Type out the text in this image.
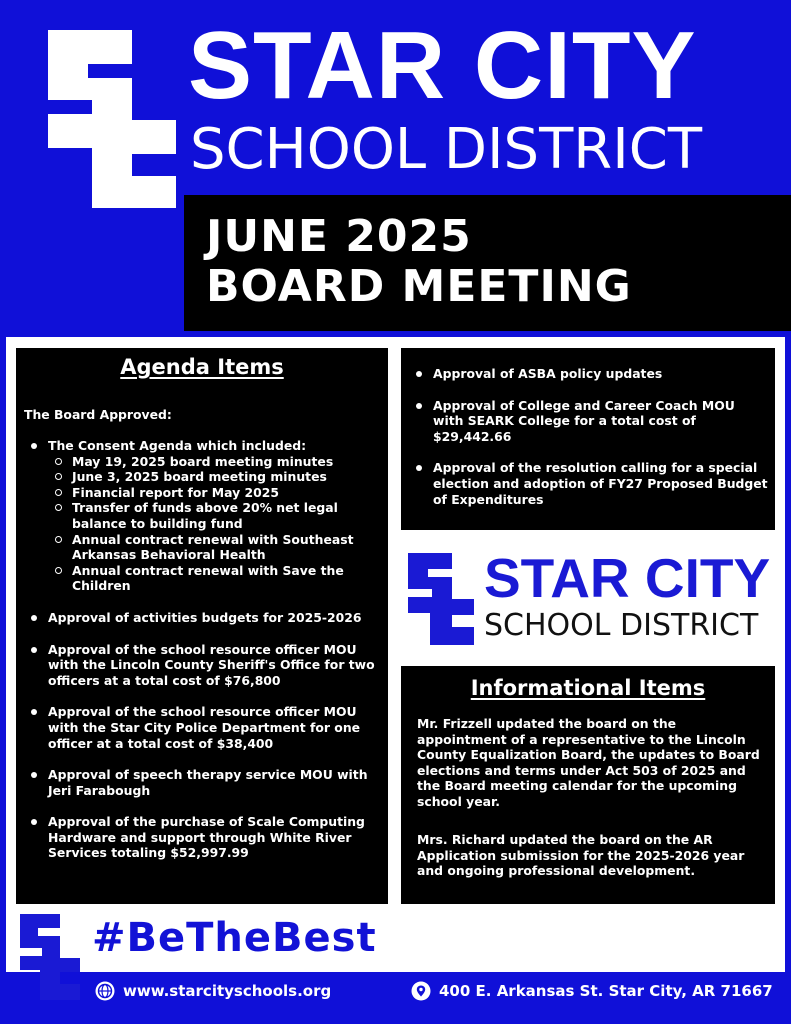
STAR CITY
SCHOOL DISTRICT
JUNE 2025
BOARD MEETING
Agenda Items
The Board Approved:
The Consent Agenda which included:
May 19, 2025 board meeting minutes
June 3, 2025 board meeting minutes
Financial report for May 2025
Transfer of funds above 20% net legal balance to building fund
Annual contract renewal with Southeast Arkansas Behavioral Health
Annual contract renewal with Save the Children
Approval of activities budgets for 2025-2026
Approval of the school resource officer MOU with the Lincoln County Sheriff's Office for two officers at a total cost of $76,800
Approval of the school resource officer MOU with the Star City Police Department for one officer at a total cost of $38,400
Approval of speech therapy service MOU with Jeri Farabough
Approval of the purchase of Scale Computing Hardware and support through White River Services totaling $52,997.99
Approval of ASBA policy updates
Approval of College and Career Coach MOU with SEARK College for a total cost of $29,442.66
Approval of the resolution calling for a special election and adoption of FY27 Proposed Budget of Expenditures
STAR CITY
SCHOOL DISTRICT
Informational Items
Mr. Frizzell updated the board on the appointment of a representative to the Lincoln County Equalization Board, the updates to Board elections and terms under Act 503 of 2025 and the Board meeting calendar for the upcoming school year.
Mrs. Richard updated the board on the AR Application submission for the 2025-2026 year and ongoing professional development.
#BeTheBest
www.starcityschools.org	400 E. Arkansas St. Star City, AR 71667
